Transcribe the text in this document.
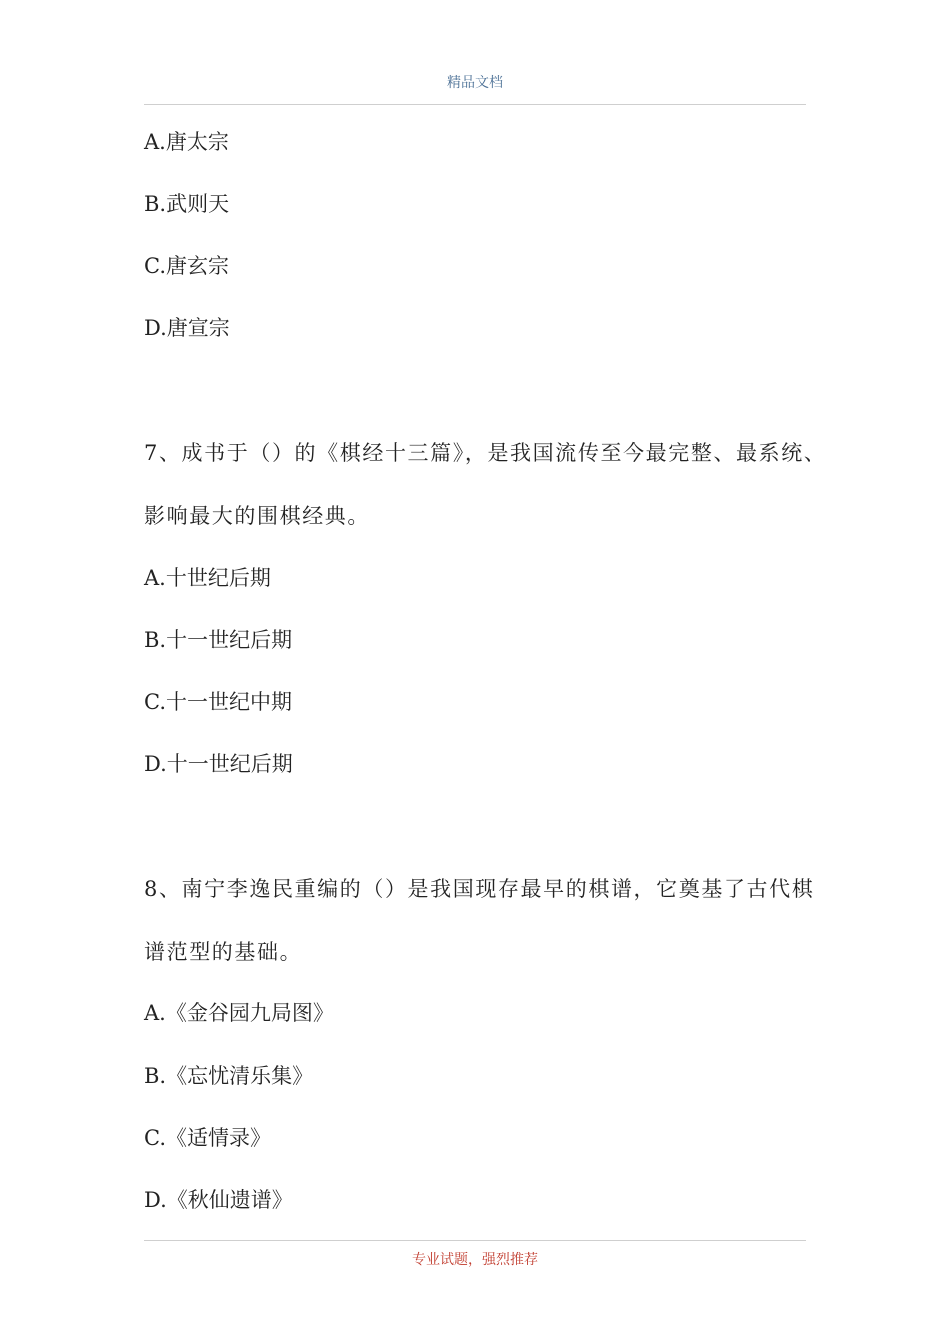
精品文档
A.唐太宗
B.武则天
C.唐玄宗
D.唐宣宗
7、成书于（）的《棋经十三篇》，是我国流传至今最完整、最系统、
影响最大的围棋经典。
A.十世纪后期
B.十一世纪后期
C.十一世纪中期
D.十一世纪后期
8、南宁李逸民重编的（）是我国现存最早的棋谱，它奠基了古代棋
谱范型的基础。
A.《金谷园九局图》
B.《忘忧清乐集》
C.《适情录》
D.《秋仙遗谱》
专业试题，强烈推荐
